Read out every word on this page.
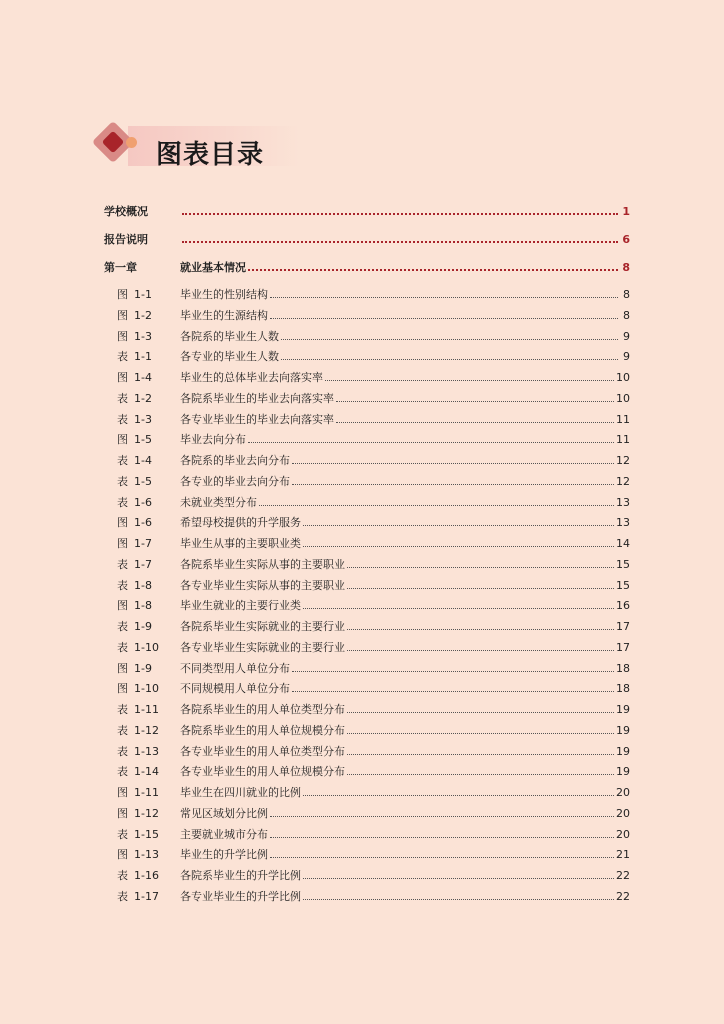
图表目录
学校概况	1
报告说明	6
第一章	就业基本情况	8
图 1-1	毕业生的性别结构	8
图 1-2	毕业生的生源结构	8
图 1-3	各院系的毕业生人数	9
表 1-1	各专业的毕业生人数	9
图 1-4	毕业生的总体毕业去向落实率	10
表 1-2	各院系毕业生的毕业去向落实率	10
表 1-3	各专业毕业生的毕业去向落实率	11
图 1-5	毕业去向分布	11
表 1-4	各院系的毕业去向分布	12
表 1-5	各专业的毕业去向分布	12
表 1-6	未就业类型分布	13
图 1-6	希望母校提供的升学服务	13
图 1-7	毕业生从事的主要职业类	14
表 1-7	各院系毕业生实际从事的主要职业	15
表 1-8	各专业毕业生实际从事的主要职业	15
图 1-8	毕业生就业的主要行业类	16
表 1-9	各院系毕业生实际就业的主要行业	17
表 1-10	各专业毕业生实际就业的主要行业	17
图 1-9	不同类型用人单位分布	18
图 1-10	不同规模用人单位分布	18
表 1-11	各院系毕业生的用人单位类型分布	19
表 1-12	各院系毕业生的用人单位规模分布	19
表 1-13	各专业毕业生的用人单位类型分布	19
表 1-14	各专业毕业生的用人单位规模分布	19
图 1-11	毕业生在四川就业的比例	20
图 1-12	常见区域划分比例	20
表 1-15	主要就业城市分布	20
图 1-13	毕业生的升学比例	21
表 1-16	各院系毕业生的升学比例	22
表 1-17	各专业毕业生的升学比例	22
